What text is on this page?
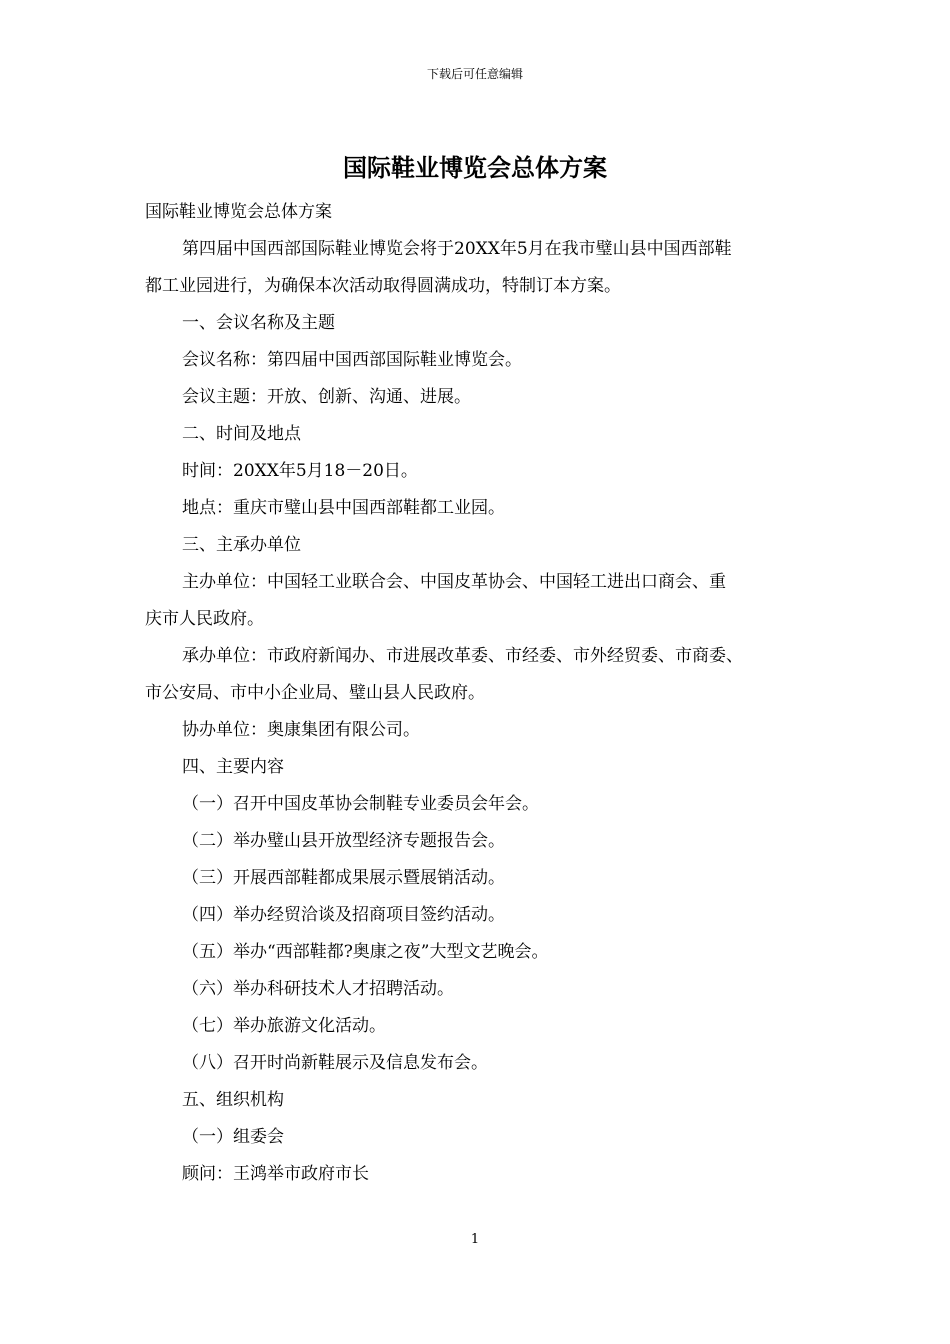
下载后可任意编辑
国际鞋业博览会总体方案
国际鞋业博览会总体方案
第四届中国西部国际鞋业博览会将于20XX年5月在我市璧山县中国西部鞋
都工业园进行，为确保本次活动取得圆满成功，特制订本方案。
一、会议名称及主题
会议名称：第四届中国西部国际鞋业博览会。
会议主题：开放、创新、沟通、进展。
二、时间及地点
时间：20XX年5月18－20日。
地点：重庆市璧山县中国西部鞋都工业园。
三、主承办单位
主办单位：中国轻工业联合会、中国皮革协会、中国轻工进出口商会、重
庆市人民政府。
承办单位：市政府新闻办、市进展改革委、市经委、市外经贸委、市商委、
市公安局、市中小企业局、璧山县人民政府。
协办单位：奥康集团有限公司。
四、主要内容
（一）召开中国皮革协会制鞋专业委员会年会。
（二）举办璧山县开放型经济专题报告会。
（三）开展西部鞋都成果展示暨展销活动。
（四）举办经贸洽谈及招商项目签约活动。
（五）举办“西部鞋都?奥康之夜”大型文艺晚会。
（六）举办科研技术人才招聘活动。
（七）举办旅游文化活动。
（八）召开时尚新鞋展示及信息发布会。
五、组织机构
（一）组委会
顾问：王鸿举市政府市长
1
